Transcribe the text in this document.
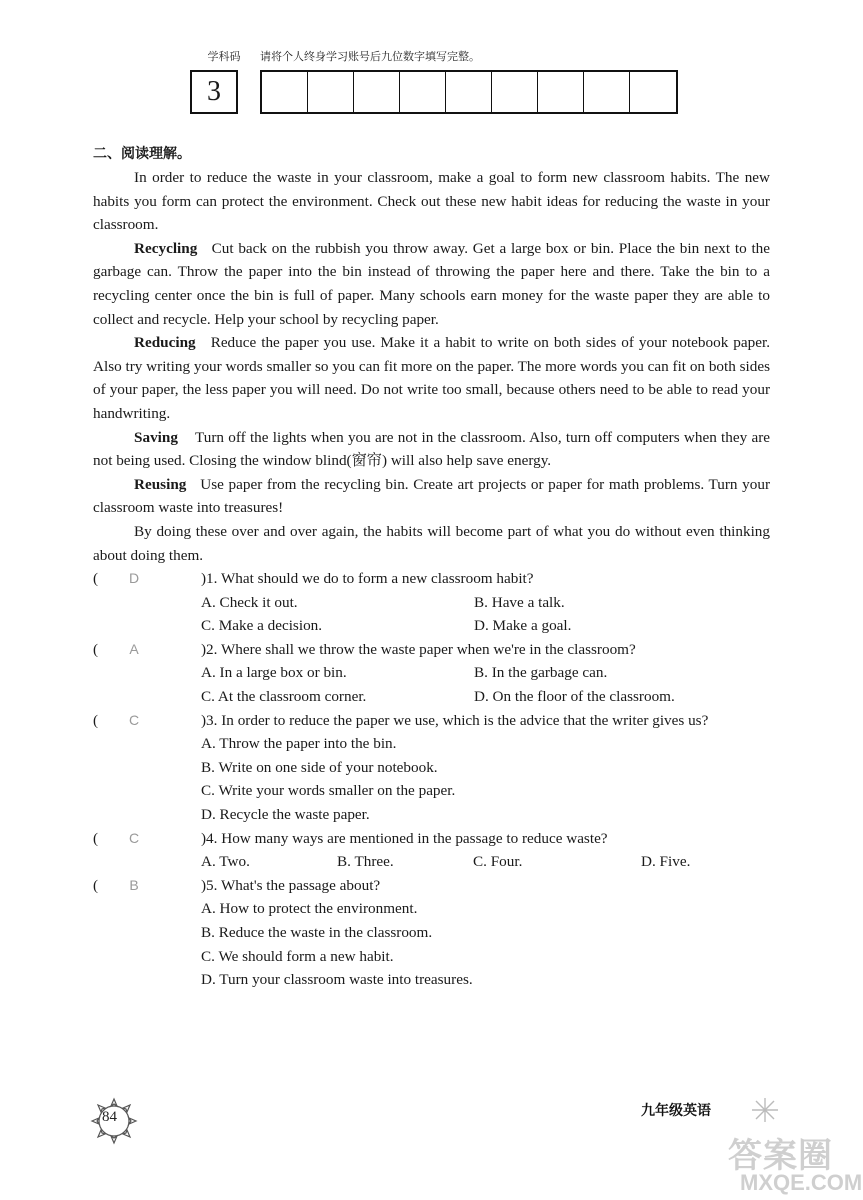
学科码	请将个人终身学习账号后九位数字填写完整。
3
二、阅读理解。

In order to reduce the waste in your classroom, make a goal to form new classroom habits. The new habits you form can protect the environment. Check out these new habit ideas for reducing the waste in your classroom.

Recycling Cut back on the rubbish you throw away. Get a large box or bin. Place the bin next to the garbage can. Throw the paper into the bin instead of throwing the paper here and there. Take the bin to a recycling center once the bin is full of paper. Many schools earn money for the waste paper they are able to collect and recycle. Help your school by recycling paper.

Reducing Reduce the paper you use. Make it a habit to write on both sides of your notebook paper. Also try writing your words smaller so you can fit more on the paper. The more words you can fit on both sides of your paper, the less paper you will need. Do not write too small, because others need to be able to read your handwriting.

Saving Turn off the lights when you are not in the classroom. Also, turn off computers when they are not being used. Closing the window blind(窗帘) will also help save energy.

Reusing Use paper from the recycling bin. Create art projects or paper for math problems. Turn your classroom waste into treasures!

By doing these over and over again, the habits will become part of what you do without even thinking about doing them.

(	D	)1. What should we do to form a new classroom habit?
A. Check it out.	B. Have a talk.
C. Make a decision.	D. Make a goal.
(	A	)2. Where shall we throw the waste paper when we're in the classroom?
A. In a large box or bin.	B. In the garbage can.
C. At the classroom corner.	D. On the floor of the classroom.
(	C	)3. In order to reduce the paper we use, which is the advice that the writer gives us?
A. Throw the paper into the bin.
B. Write on one side of your notebook.
C. Write your words smaller on the paper.
D. Recycle the waste paper.
(	C	)4. How many ways are mentioned in the passage to reduce waste?
A. Two.	B. Three.	C. Four.	D. Five.
(	B	)5. What's the passage about?
A. How to protect the environment.
B. Reduce the waste in the classroom.
C. We should form a new habit.
D. Turn your classroom waste into treasures.
84	九年级英语
答案圈
MXQE.COM
